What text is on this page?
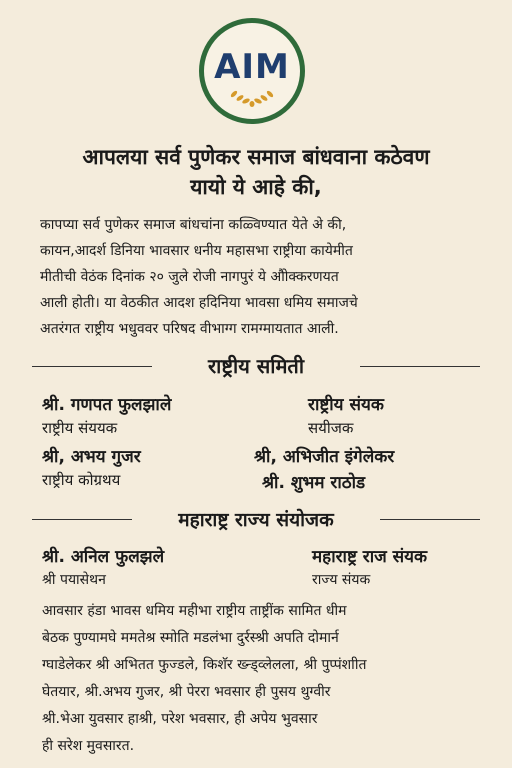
AIM
आपलया सर्व पुणेकर समाज बांधवाना कठेवण
यायो ये आहे की,
कापप्या सर्व पुणेकर समाज बांधचांना कळ्विण्यात येते अे की,
कायन,आदर्श डिनिया भावसार धनीय महासभा राष्ट्रीया कायेमीत
मीतीची वेठंक दिनांक २० जुले रोजी नागपुरं ये औोक्‍करणयत
आली होती। या वेठकीत आदश हदिनिया भावसा धमिय समाजचे
अतरंगत राष्ट्रीय भधुववर परिषद वीभाग्ग रामग्मायतात आली.
राष्ट्रीय समिती
श्री. गणपत फुलझाले	राष्ट्रीय संयक
राष्ट्रीय संययक	सयीजक
श्री, अभय गुजर	श्री, अभिजीत इंगेलेकर
राष्ट्रीय कोग्रथय	श्री. शुभम राठोड
महाराष्ट्र राज्य संयोजक
श्री. अनिल फुलझले	महाराष्ट्र राज संयक
श्री पयासेथन	राज्य संयक
आवसार हंडा भावस धमिय महीभा राष्ट्रीय ताष्ट्रींक सामित धीम
बेठक पुण्यामघे ममतेश्र स्मोति मडलंभा दुर्रस्श्री अपति दोमार्न
ग्घाडेलेकर श्री अभितत फुज्डले, किशॅर ख्न्ड्व्लेलला, श्री पुप्पंशाीत
घेतयार, श्री.अभय गुजर, श्री पेररा भवसार ही पुसय थुग्वीर
श्री.भेआ युवसार हाश्री, परेश भवसार, ही अपेय भुवसार
ही सरेश मुवसारत.
